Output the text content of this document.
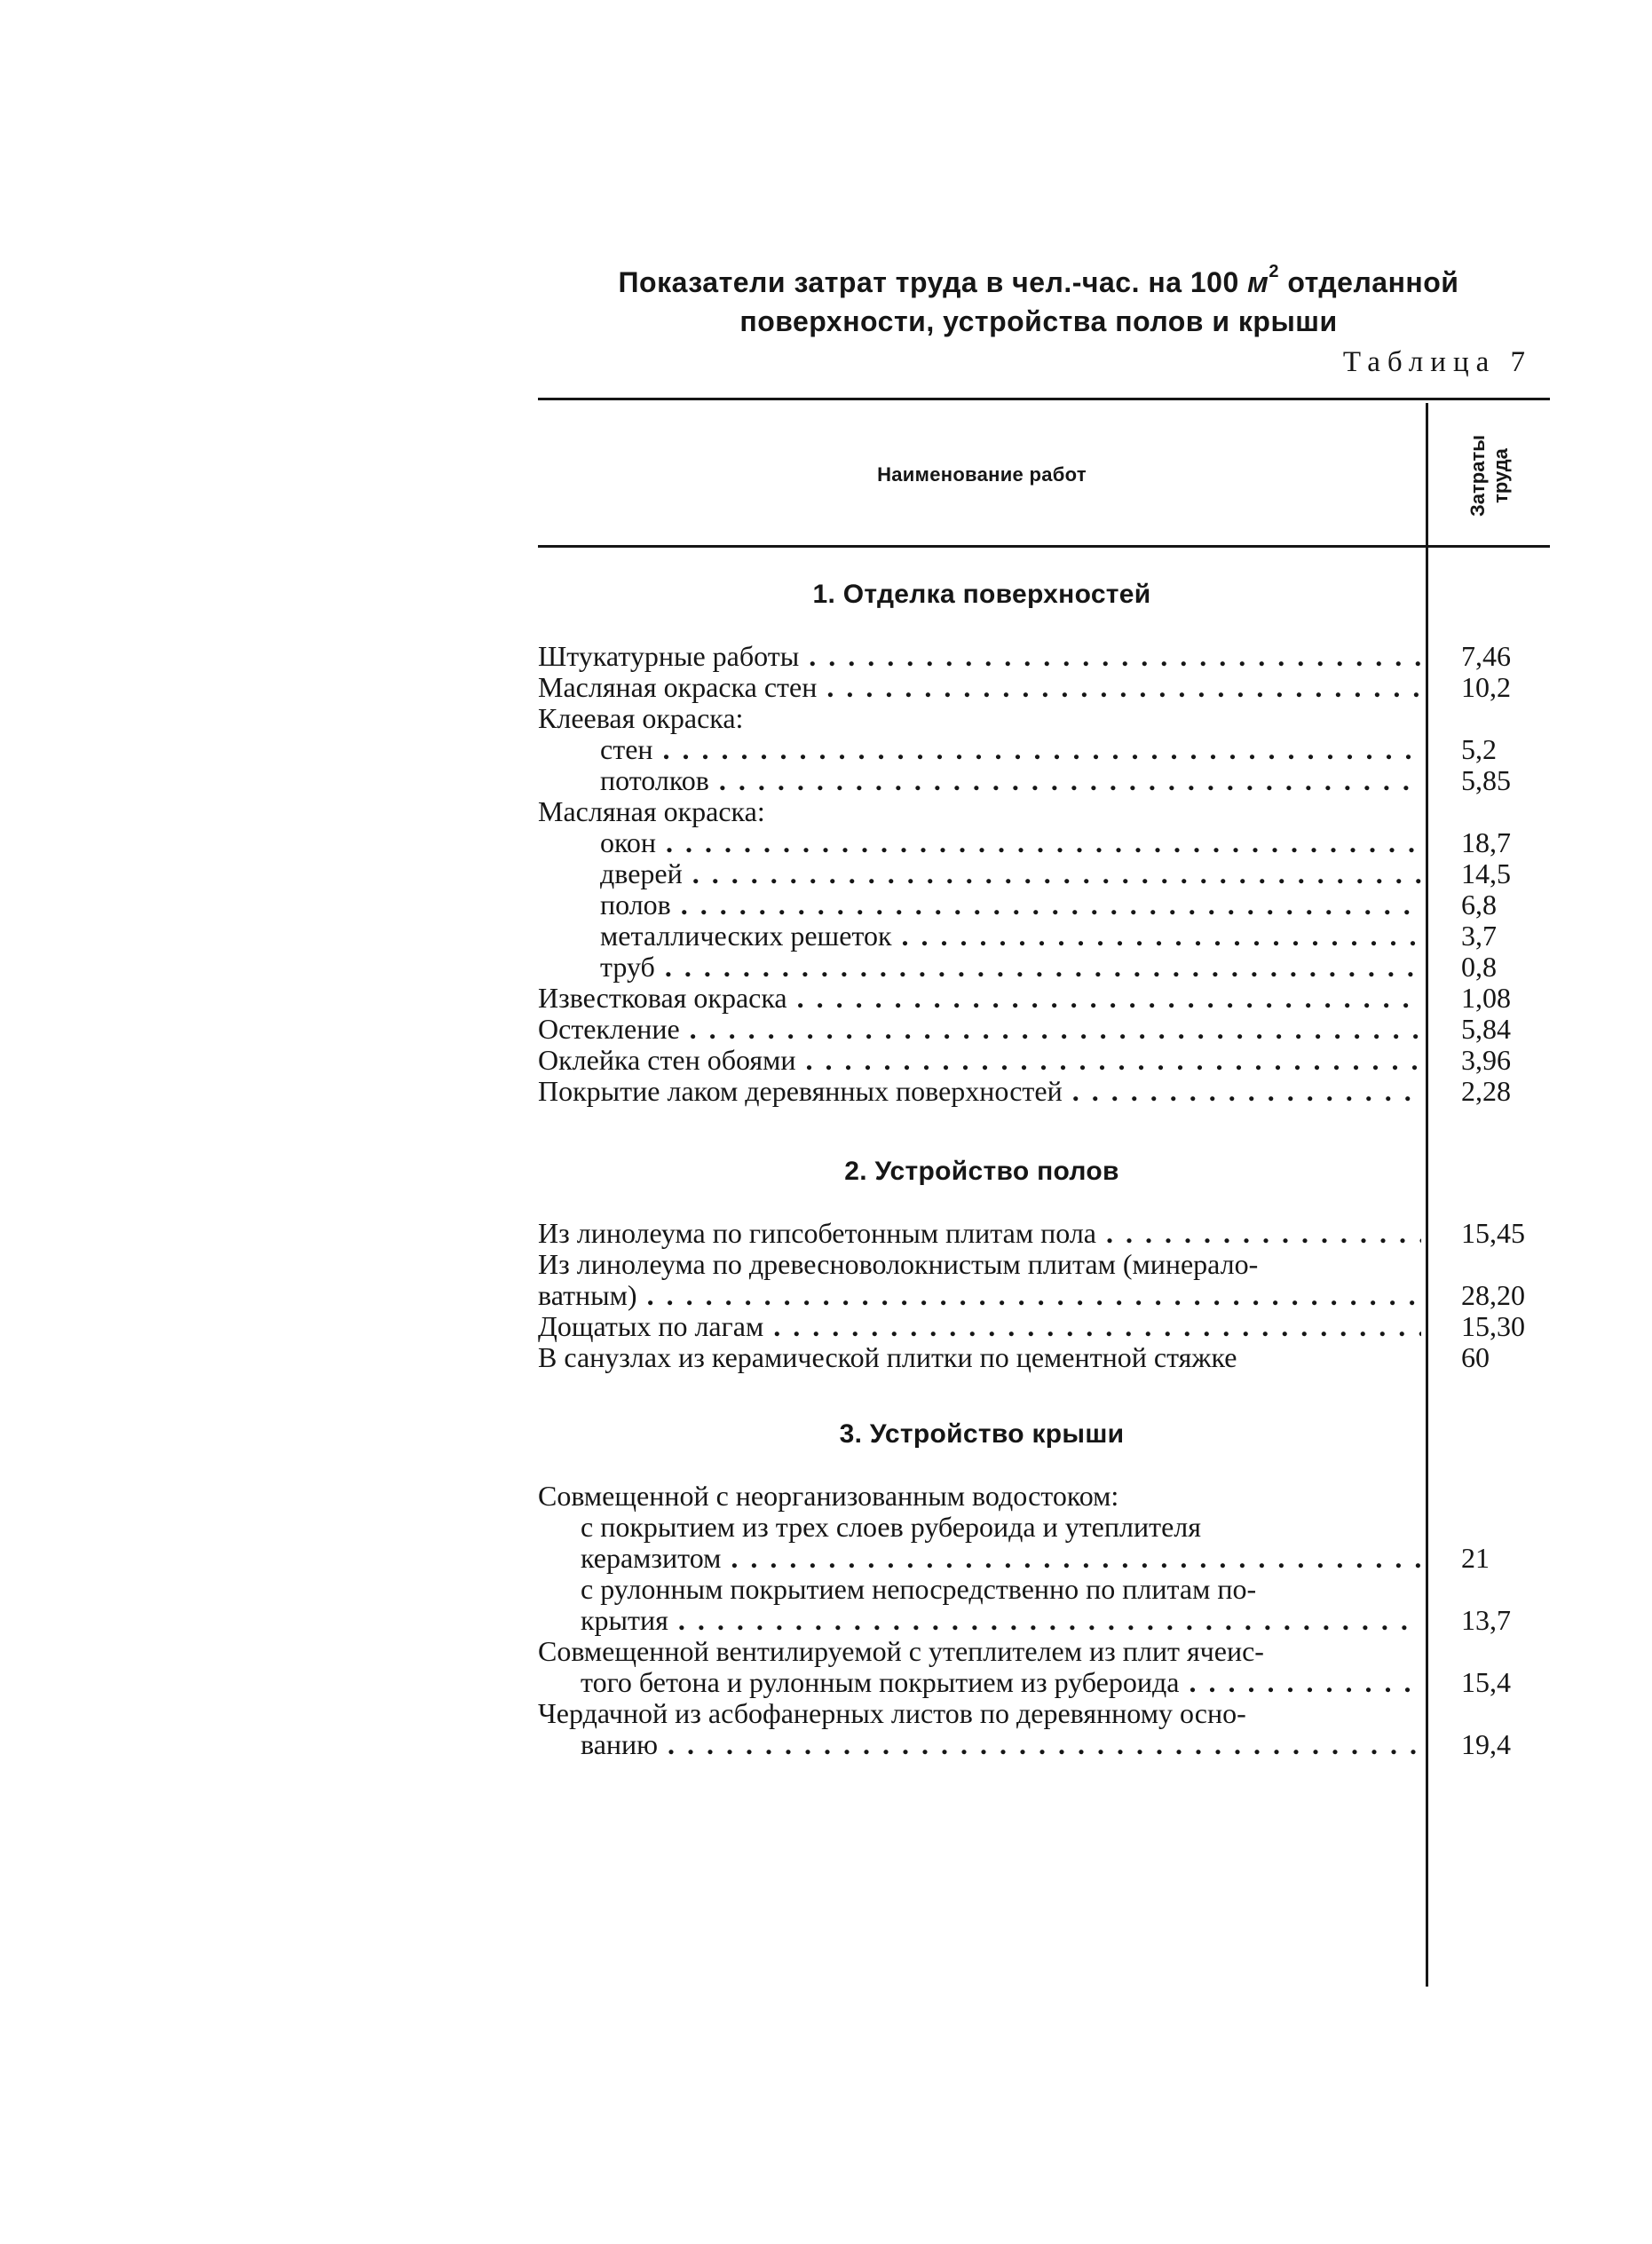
Показатели затрат труда в чел.-час. на 100 $м^2$ отделанной
поверхности, устройства полов и крыши
Таблица 7
Наименование работ	Затраты труда
1. Отделка поверхностей
Штукатурные работы . . .	7,46
Масляная окраска стен . . .	10,2
Клеевая окраска:
стен . . .	5,2
потолков . . .	5,85
Масляная окраска:
окон . . .	18,7
дверей . . .	14,5
полов . . .	6,8
металлических решеток . . .	3,7
труб . . .	0,8
Известковая окраска . . .	1,08
Остекление . . .	5,84
Оклейка стен обоями . . .	3,96
Покрытие лаком деревянных поверхностей . . .	2,28
2. Устройство полов
Из линолеума по гипсобетонным плитам пола . . .	15,45
Из линолеума по древесноволокнистым плитам (минерало-
ватным) . . .	28,20
Дощатых по лагам . . .	15,30
В санузлах из керамической плитки по цементной стяжке	60
3. Устройство крыши
Совмещенной с неорганизованным водостоком:
с покрытием из трех слоев рубероида и утеплителя
керамзитом . . .	21
с рулонным покрытием непосредственно по плитам по-
крытия . . .	13,7
Совмещенной вентилируемой с утеплителем из плит ячеис-
того бетона и рулонным покрытием из рубероида . . .	15,4
Чердачной из асбофанерных листов по деревянному осно-
ванию . . .	19,4
